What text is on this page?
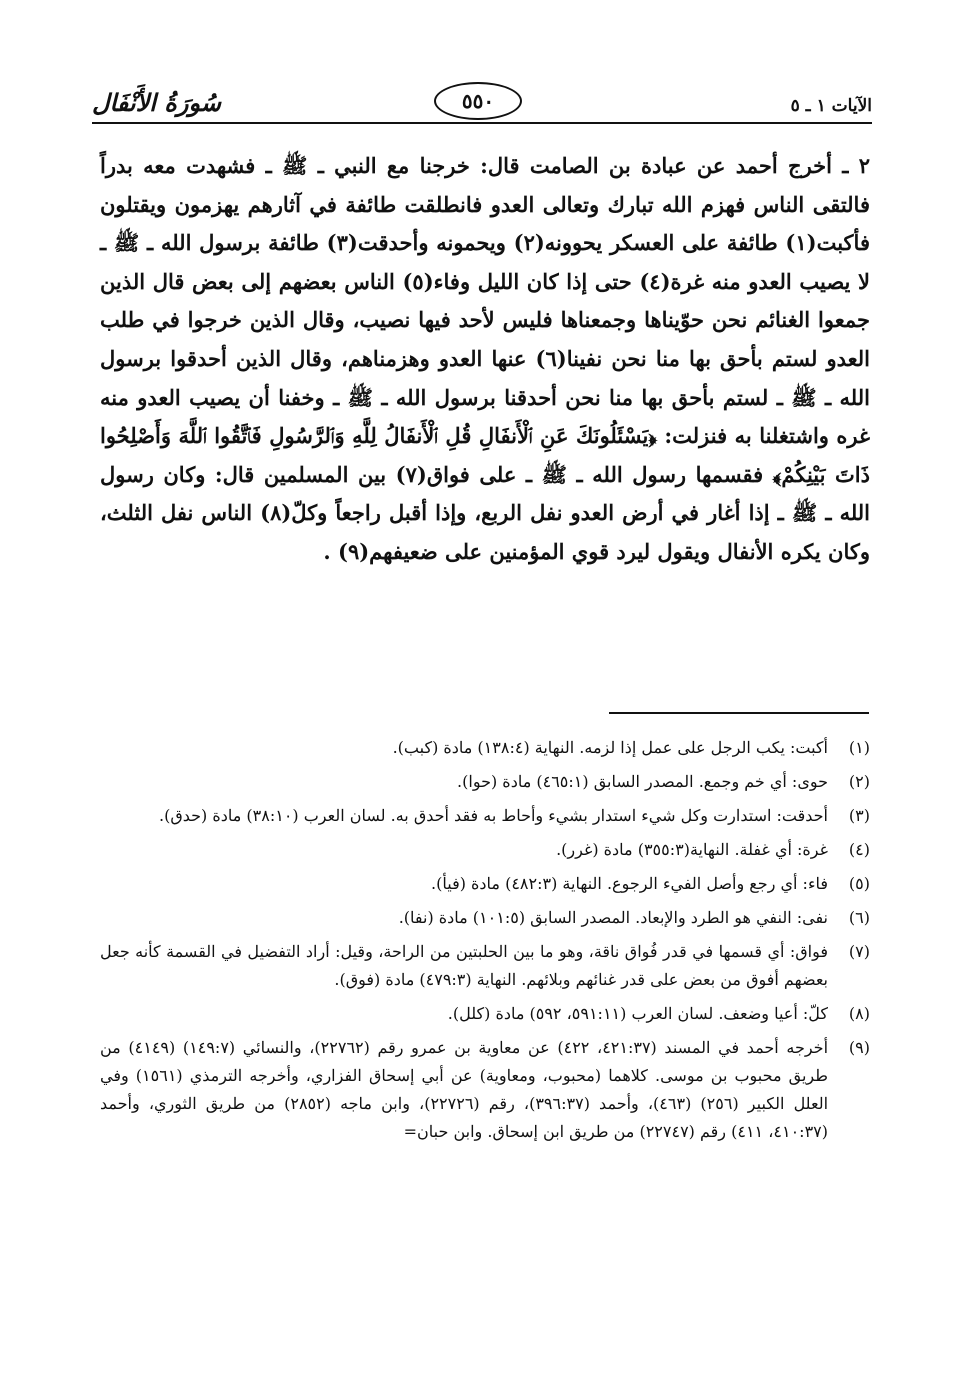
الآيات ١ ـ ٥
٥٥٠
سُورَةُ الأَنْفَال

٢ ـ أخرج أحمد عن عبادة بن الصامت قال: خرجنا مع النبي ـ ﷺ ـ فشهدت معه بدراً فالتقى الناس فهزم الله تبارك وتعالى العدو فانطلقت طائفة في آثارهم يهزمون ويقتلون فأكبت(١) طائفة على العسكر يحوونه(٢) ويحمونه وأحدقت(٣) طائفة برسول الله ـ ﷺ ـ لا يصيب العدو منه غرة(٤) حتى إذا كان الليل وفاء(٥) الناس بعضهم إلى بعض قال الذين جمعوا الغنائم نحن حوّيناها وجمعناها فليس لأحد فيها نصيب، وقال الذين خرجوا في طلب العدو لستم بأحق بها منا نحن نفينا(٦) عنها العدو وهزمناهم، وقال الذين أحدقوا برسول الله ـ ﷺ ـ لستم بأحق بها منا نحن أحدقنا برسول الله ـ ﷺ ـ وخفنا أن يصيب العدو منه غره واشتغلنا به فنزلت: ﴿يَسْئَلُونَكَ عَنِ ٱلْأَنفَالِ قُلِ ٱلْأَنفَالُ لِلَّهِ وَٱلرَّسُولِ فَٱتَّقُوا ٱللَّهَ وَأَصْلِحُوا ذَاتَ بَيْنِكُمْ﴾ فقسمها رسول الله ـ ﷺ ـ على فواق(٧) بين المسلمين قال: وكان رسول الله ـ ﷺ ـ إذا أغار في أرض العدو نفل الربع، وإذا أقبل راجعاً وكلّ(٨) الناس نفل الثلث، وكان يكره الأنفال ويقول ليرد قوي المؤمنين على ضعيفهم(٩) .

(١)
أكبت: يكب الرجل على عمل إذا لزمه. النهاية (١٣٨:٤) مادة (كبب).
(٢)
حوى: أي خم وجمع. المصدر السابق (٤٦٥:١) مادة (حوا).
(٣)
أحدقت: استدارت وكل شيء استدار بشيء وأحاط به فقد أحدق به. لسان العرب (٣٨:١٠) مادة (حدق).
(٤)
غرة: أي غفلة. النهاية(٣٥٥:٣) مادة (غرر).
(٥)
فاء: أي رجع وأصل الفيء الرجوع. النهاية (٤٨٢:٣) مادة (فيأ).
(٦)
نفى: النفي هو الطرد والإبعاد. المصدر السابق (١٠١:٥) مادة (نفا).
(٧)
فواق: أي قسمها في قدر فُواق ناقة، وهو ما بين الحلبتين من الراحة، وقيل: أراد التفضيل في القسمة كأنه جعل بعضهم أفوق من بعض على قدر غنائهم وبلائهم. النهاية (٤٧٩:٣) مادة (فوق).
(٨)
كلّ: أعيا وضعف. لسان العرب (٥٩١:١١، ٥٩٢) مادة (كلل).
(٩)
أخرجه أحمد في المسند (٤٢١:٣٧، ٤٢٢) عن معاوية بن عمرو رقم (٢٢٧٦٢)، والنسائي (١٤٩:٧) (٤١٤٩) من طريق محبوب بن موسى. كلاهما (محبوب، ومعاوية) عن أبي إسحاق الفزاري، وأخرجه الترمذي (١٥٦١) وفي العلل الكبير (٢٥٦) (٤٦٣)، وأحمد (٣٩٦:٣٧)، رقم (٢٢٧٢٦)، وابن ماجه (٢٨٥٢) من طريق الثوري، وأحمد (٤١٠:٣٧، ٤١١) رقم (٢٢٧٤٧) من طريق ابن إسحاق. وابن حبان=
